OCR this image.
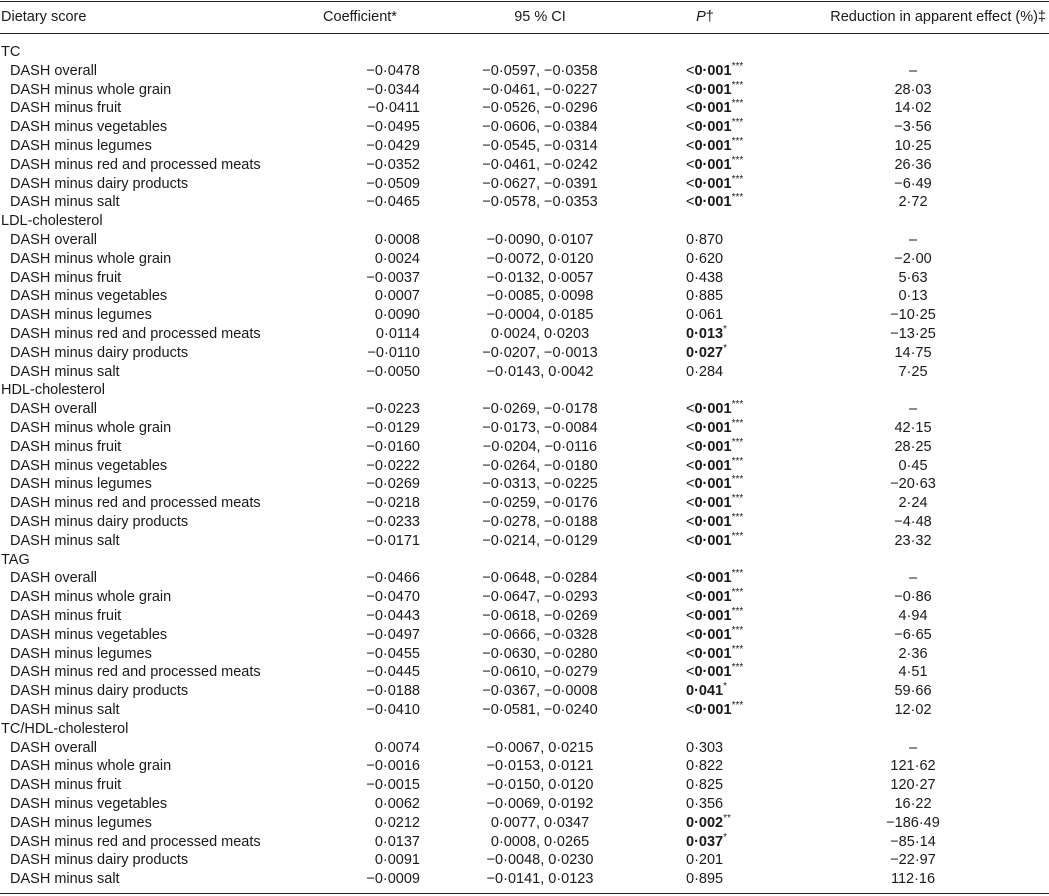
Dietary score	Coefficient*	95 % CI	P†	Reduction in apparent effect (%)‡
TC
DASH overall	−0·0478	−0·0597, −0·0358	<0·001***	–
DASH minus whole grain	−0·0344	−0·0461, −0·0227	<0·001***	28·03
DASH minus fruit	−0·0411	−0·0526, −0·0296	<0·001***	14·02
DASH minus vegetables	−0·0495	−0·0606, −0·0384	<0·001***	−3·56
DASH minus legumes	−0·0429	−0·0545, −0·0314	<0·001***	10·25
DASH minus red and processed meats	−0·0352	−0·0461, −0·0242	<0·001***	26·36
DASH minus dairy products	−0·0509	−0·0627, −0·0391	<0·001***	−6·49
DASH minus salt	−0·0465	−0·0578, −0·0353	<0·001***	2·72
LDL-cholesterol
DASH overall	0·0008	−0·0090, 0·0107	0·870	–
DASH minus whole grain	0·0024	−0·0072, 0·0120	0·620	−2·00
DASH minus fruit	−0·0037	−0·0132, 0·0057	0·438	5·63
DASH minus vegetables	0·0007	−0·0085, 0·0098	0·885	0·13
DASH minus legumes	0·0090	−0·0004, 0·0185	0·061	−10·25
DASH minus red and processed meats	0·0114	0·0024, 0·0203	0·013*	−13·25
DASH minus dairy products	−0·0110	−0·0207, −0·0013	0·027*	14·75
DASH minus salt	−0·0050	−0·0143, 0·0042	0·284	7·25
HDL-cholesterol
DASH overall	−0·0223	−0·0269, −0·0178	<0·001***	–
DASH minus whole grain	−0·0129	−0·0173, −0·0084	<0·001***	42·15
DASH minus fruit	−0·0160	−0·0204, −0·0116	<0·001***	28·25
DASH minus vegetables	−0·0222	−0·0264, −0·0180	<0·001***	0·45
DASH minus legumes	−0·0269	−0·0313, −0·0225	<0·001***	−20·63
DASH minus red and processed meats	−0·0218	−0·0259, −0·0176	<0·001***	2·24
DASH minus dairy products	−0·0233	−0·0278, −0·0188	<0·001***	−4·48
DASH minus salt	−0·0171	−0·0214, −0·0129	<0·001***	23·32
TAG
DASH overall	−0·0466	−0·0648, −0·0284	<0·001***	–
DASH minus whole grain	−0·0470	−0·0647, −0·0293	<0·001***	−0·86
DASH minus fruit	−0·0443	−0·0618, −0·0269	<0·001***	4·94
DASH minus vegetables	−0·0497	−0·0666, −0·0328	<0·001***	−6·65
DASH minus legumes	−0·0455	−0·0630, −0·0280	<0·001***	2·36
DASH minus red and processed meats	−0·0445	−0·0610, −0·0279	<0·001***	4·51
DASH minus dairy products	−0·0188	−0·0367, −0·0008	0·041*	59·66
DASH minus salt	−0·0410	−0·0581, −0·0240	<0·001***	12·02
TC/HDL-cholesterol
DASH overall	0·0074	−0·0067, 0·0215	0·303	–
DASH minus whole grain	−0·0016	−0·0153, 0·0121	0·822	121·62
DASH minus fruit	−0·0015	−0·0150, 0·0120	0·825	120·27
DASH minus vegetables	0·0062	−0·0069, 0·0192	0·356	16·22
DASH minus legumes	0·0212	0·0077, 0·0347	0·002**	−186·49
DASH minus red and processed meats	0·0137	0·0008, 0·0265	0·037*	−85·14
DASH minus dairy products	0·0091	−0·0048, 0·0230	0·201	−22·97
DASH minus salt	−0·0009	−0·0141, 0·0123	0·895	112·16
